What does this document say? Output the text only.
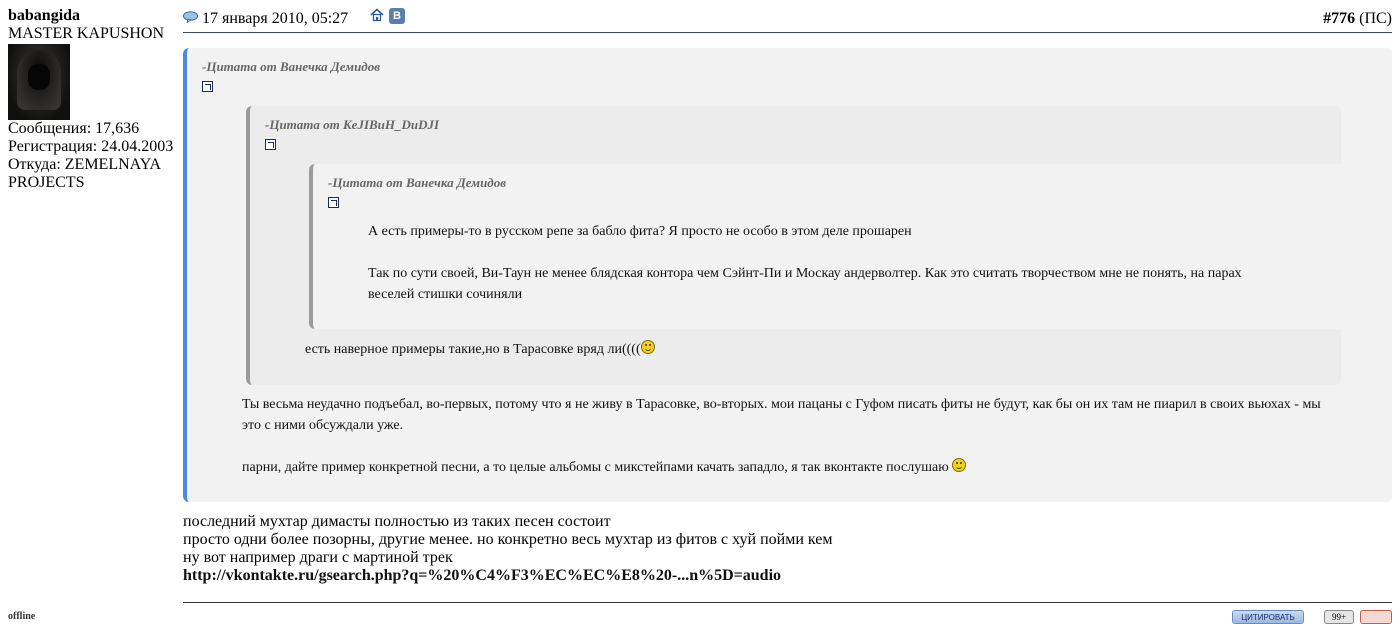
babangida
MASTER KAPUSHON
Сообщения: 17,636
Регистрация: 24.04.2003
Откуда: ZEMELNAYA
PROJECTS
offline
17 января 2010, 05:27	В	#776 (ПС)
-Цитата от Ванечка Демидов
-Цитата от KeJIBuH_DuDJI
-Цитата от Ванечка Демидов
А есть примеры-то в русском репе за бабло фита? Я просто не особо в этом деле прошарен
Так по сути своей, Ви-Таун не менее блядская контора чем Сэйнт-Пи и Москау андерволтер. Как это считать творчеством мне не понять, на парах
веселей стишки сочиняли
есть наверное примеры такие,но в Тарасовке вряд ли((((
Ты весьма неудачно подъебал, во-первых, потому что я не живу в Тарасовке, во-вторых. мои пацаны с Гуфом писать фиты не будут, как бы он их там не пиарил в своих вьюхах - мы
это с ними обсуждали уже.
парни, дайте пример конкретной песни, а то целые альбомы с микстейпами качать западло, я так вконтакте послушаю
последний мухтар димасты полностью из таких песен состоит
просто одни более позорны, другие менее. но конкретно весь мухтар из фитов с хуй пойми кем
ну вот например драги с мартиной трек
http://vkontakte.ru/gsearch.php?q=%20%C4%F3%EC%EC%E8%20-...n%5D=audio
ЦИТИРОВАТЬ	99+
